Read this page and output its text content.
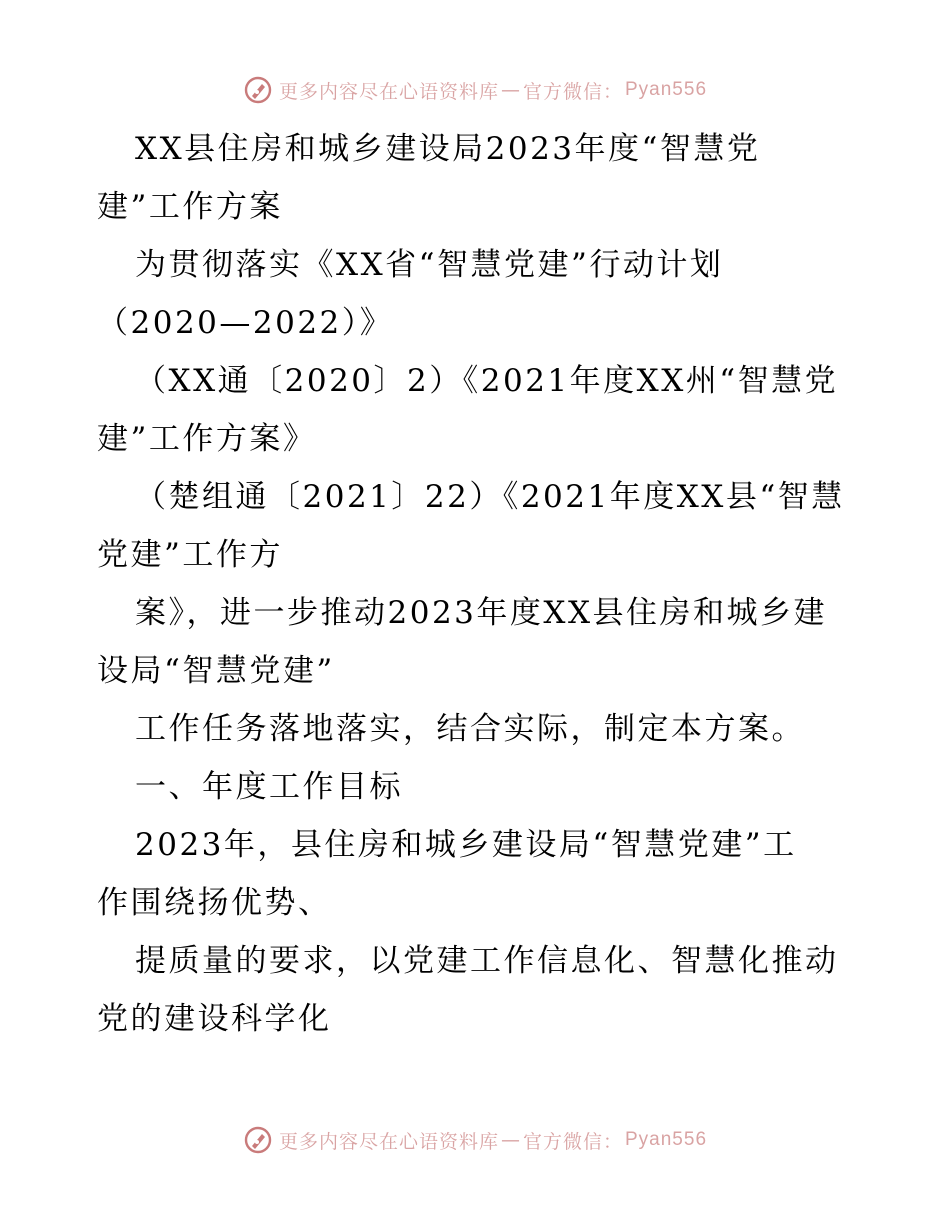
更多内容尽在心语资料库 — 官方微信： Pyan556
XX县住房和城乡建设局2023年度“智慧党
建”工作方案
为贯彻落实《XX省“智慧党建”行动计划
（2020—2022）》
（XX通〔2020〕2）《2021年度XX州“智慧党
建”工作方案》
（楚组通〔2021〕22）《2021年度XX县“智慧
党建”工作方
案》，进一步推动2023年度XX县住房和城乡建
设局“智慧党建”
工作任务落地落实，结合实际，制定本方案。
一、年度工作目标
2023年，县住房和城乡建设局“智慧党建”工
作围绕扬优势、
提质量的要求，以党建工作信息化、智慧化推动
党的建设科学化
更多内容尽在心语资料库 — 官方微信： Pyan556
